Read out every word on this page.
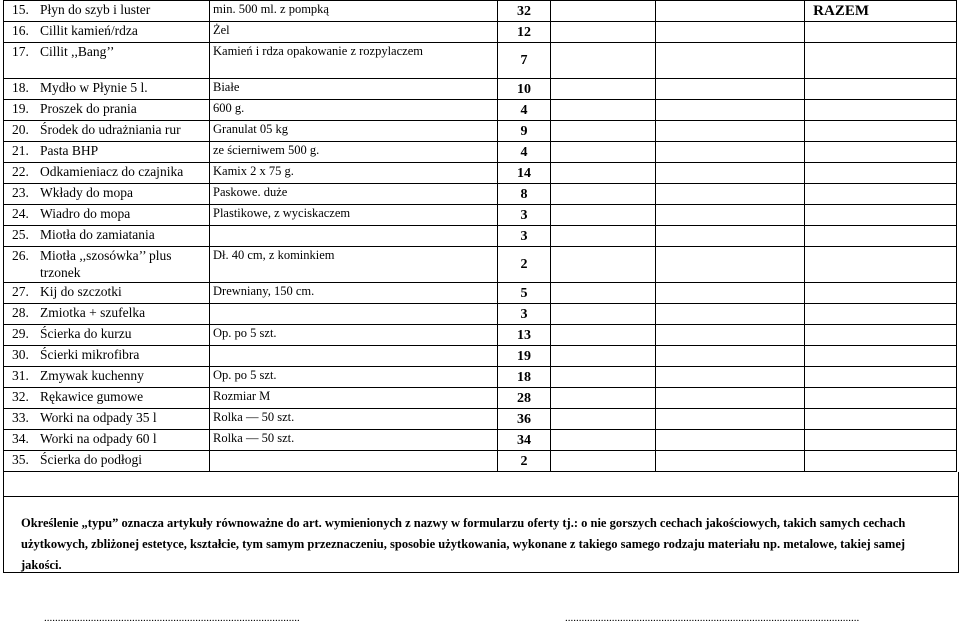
15.	Płyn do szyb i luster	min. 500 ml. z pompką	32			
16.	Cillit kamień/rdza	Żel	12			
17.	Cillit ,,Bang’’	Kamień i rdza opakowanie z rozpylaczem	7			
18.	Mydło w Płynie 5 l.	Białe	10			
19.	Proszek do prania	600 g.	4			
20.	Środek do udrażniania rur	Granulat 05 kg	9			
21.	Pasta BHP	ze ścierniwem 500 g.	4			
22.	Odkamieniacz do czajnika	Kamix 2 x 75 g.	14			
23.	Wkłady do mopa	Paskowe. duże	8			
24.	Wiadro do mopa	Plastikowe, z wyciskaczem	3			
25.	Miotła do zamiatania		3			
26.	Miotła ,,szosówka’’ plus trzonek	Dł. 40 cm, z kominkiem	2			
27.	Kij do szczotki	Drewniany, 150 cm.	5			
28.	Zmiotka + szufelka		3			
29.	Ścierka do kurzu	Op. po 5 szt.	13			
30.	Ścierki mikrofibra		19			
31.	Zmywak kuchenny	Op. po 5 szt.	18			
32.	Rękawice gumowe	Rozmiar M	28			
33.	Worki na odpady 35 l	Rolka — 50 szt.	36			
34.	Worki na odpady 60 l	Rolka — 50 szt.	34			
35.	Ścierka do podłogi		2			
RAZEM
Określenie „typu” oznacza artykuły równoważne do art. wymienionych z nazwy w formularzu oferty tj.: o nie gorszych cechach jakościowych, takich samych cechach użytkowych, zbliżonej estetyce, kształcie, tym samym przeznaczeniu, sposobie użytkowania, wykonane z takiego samego rodzaju materiału np. metalowe, takiej samej jakości.
.............................................................................................	...........................................................................................................
